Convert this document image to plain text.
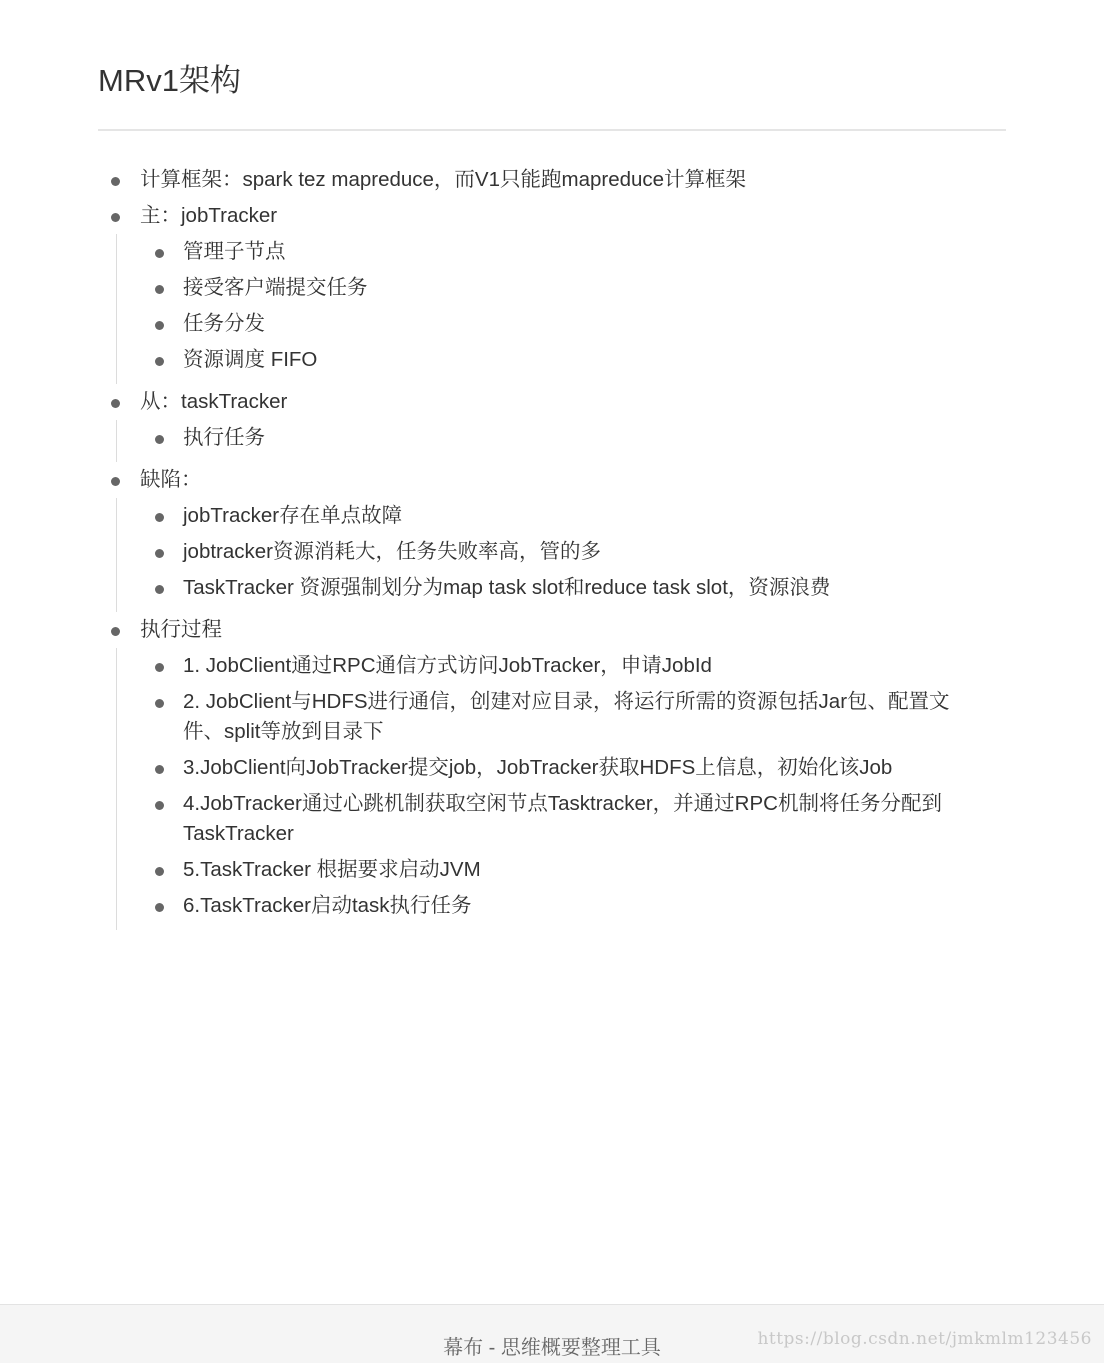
MRv1架构
计算框架：spark tez mapreduce，而V1只能跑mapreduce计算框架
主：jobTracker
管理子节点
接受客户端提交任务
任务分发
资源调度 FIFO
从：taskTracker
执行任务
缺陷：
jobTracker存在单点故障
jobtracker资源消耗大，任务失败率高，管的多
TaskTracker 资源强制划分为map task slot和reduce task slot，资源浪费
执行过程
1. JobClient通过RPC通信方式访问JobTracker，申请JobId
2. JobClient与HDFS进行通信，创建对应目录，将运行所需的资源包括Jar包、配置文件、split等放到目录下
3.JobClient向JobTracker提交job，JobTracker获取HDFS上信息，初始化该Job
4.JobTracker通过心跳机制获取空闲节点Tasktracker，并通过RPC机制将任务分配到TaskTracker
5.TaskTracker 根据要求启动JVM
6.TaskTracker启动task执行任务
幕布 - 思维概要整理工具	https://blog.csdn.net/jmkmlm123456
